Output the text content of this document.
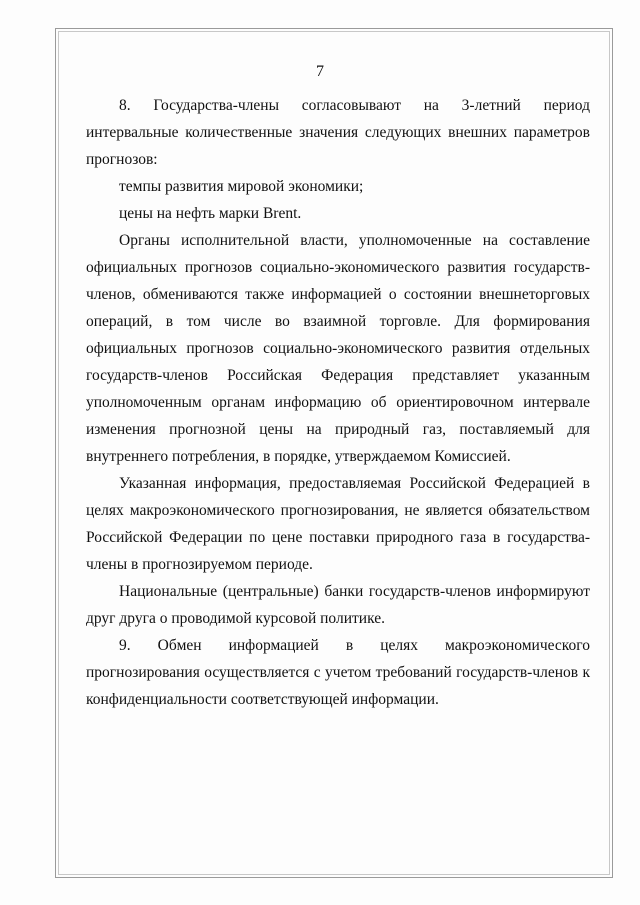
7

8. Государства-члены согласовывают на 3-летний период интервальные количественные значения следующих внешних параметров прогнозов:

темпы развития мировой экономики;

цены на нефть марки Brent.

Органы исполнительной власти, уполномоченные на составление официальных прогнозов социально-экономического развития государств-членов, обмениваются также информацией о состоянии внешнеторговых операций, в том числе во взаимной торговле. Для формирования официальных прогнозов социально-экономического развития отдельных государств-членов Российская Федерация представляет указанным уполномоченным органам информацию об ориентировочном интервале изменения прогнозной цены на природный газ, поставляемый для внутреннего потребления, в порядке, утверждаемом Комиссией.

Указанная информация, предоставляемая Российской Федерацией в целях макроэкономического прогнозирования, не является обязательством Российской Федерации по цене поставки природного газа в государства-члены в прогнозируемом периоде.

Национальные (центральные) банки государств-членов информируют друг друга о проводимой курсовой политике.

9. Обмен информацией в целях макроэкономического прогнозирования осуществляется с учетом требований государств-членов к конфиденциальности соответствующей информации.
